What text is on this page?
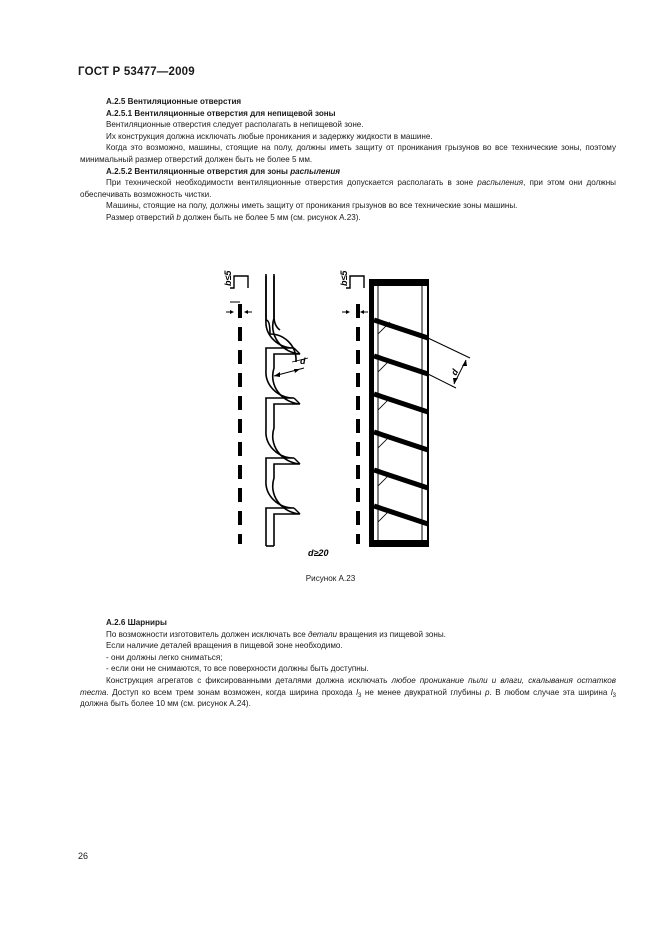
ГОСТ Р 53477—2009

А.2.5 Вентиляционные отверстия

А.2.5.1 Вентиляционные отверстия для непищевой зоны

Вентиляционные отверстия следует располагать в непищевой зоне.

Их конструкция должна исключать любые проникания и задержку жидкости в машине.

Когда это возможно, машины, стоящие на полу, должны иметь защиту от проникания грызунов во все технические зоны, поэтому минимальный размер отверстий должен быть не более 5 мм.

А.2.5.2 Вентиляционные отверстия для зоны распыления

При технической необходимости вентиляционные отверстия допускается располагать в зоне распыления, при этом они должны обеспечивать возможность чистки.

Машины, стоящие на полу, должны иметь защиту от проникания грызунов во все технические зоны машины.

Размер отверстий b должен быть не более 5 мм (см. рисунок А.23).

b≤5
d
b≤5
d
d≥20
Рисунок А.23

А.2.6 Шарниры

По возможности изготовитель должен исключать все детали вращения из пищевой зоны.

Если наличие деталей вращения в пищевой зоне необходимо.

- они должны легко сниматься;

- если они не снимаются, то все поверхности должны быть доступны.

Конструкция агрегатов с фиксированными деталями должна исключать любое проникание пыли и влаги, скалывания остатков теста. Доступ ко всем трем зонам возможен, когда ширина прохода $l_3$ не менее двукратной глубины р. В любом случае эта ширина $l_3$ должна быть более 10 мм (см. рисунок А.24).

26
